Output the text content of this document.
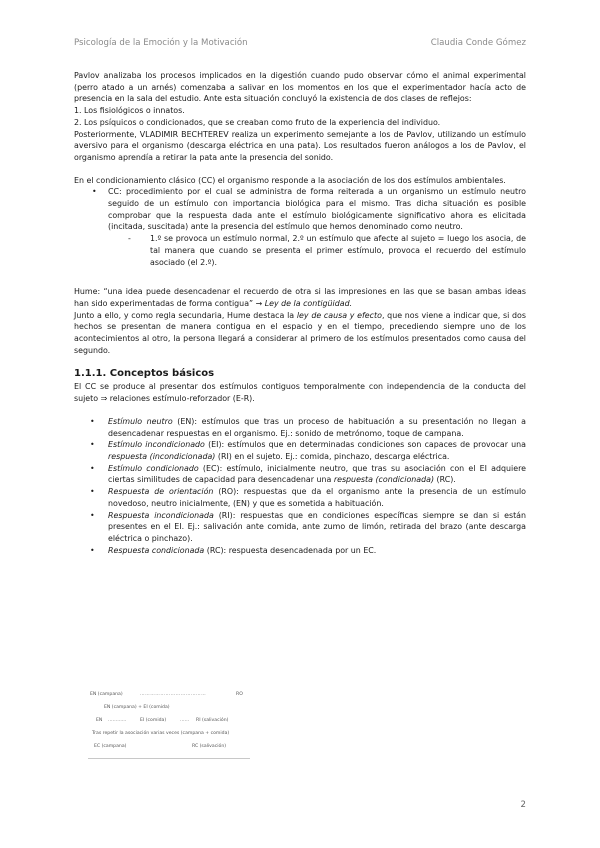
Psicología de la Emoción y la Motivación	Claudia Conde Gómez

Pavlov analizaba los procesos implicados en la digestión cuando pudo observar cómo el animal experimental (perro atado a un arnés) comenzaba a salivar en los momentos en los que el experimentador hacía acto de presencia en la sala del estudio. Ante esta situación concluyó la existencia de dos clases de reflejos:

1. Los fisiológicos o innatos.

2. Los psíquicos o condicionados, que se creaban como fruto de la experiencia del individuo.

Posteriormente, VLADIMIR BECHTEREV realiza un experimento semejante a los de Pavlov, utilizando un estímulo aversivo para el organismo (descarga eléctrica en una pata). Los resultados fueron análogos a los de Pavlov, el organismo aprendía a retirar la pata ante la presencia del sonido.

En el condicionamiento clásico (CC) el organismo responde a la asociación de los dos estímulos ambientales.

• CC: procedimiento por el cual se administra de forma reiterada a un organismo un estímulo neutro seguido de un estímulo con importancia biológica para el mismo. Tras dicha situación es posible comprobar que la respuesta dada ante el estímulo biológicamente significativo ahora es elicitada (incitada, suscitada) ante la presencia del estímulo que hemos denominado como neutro.
- 1.º se provoca un estímulo normal, 2.º un estímulo que afecte al sujeto = luego los asocia, de tal manera que cuando se presenta el primer estímulo, provoca el recuerdo del estímulo asociado (el 2.º).

Hume: “una idea puede desencadenar el recuerdo de otra si las impresiones en las que se basan ambas ideas han sido experimentadas de forma contigua” → Ley de la contigüidad.

Junto a ello, y como regla secundaria, Hume destaca la ley de causa y efecto, que nos viene a indicar que, si dos hechos se presentan de manera contigua en el espacio y en el tiempo, precediendo siempre uno de los acontecimientos al otro, la persona llegará a considerar al primero de los estímulos presentados como causa del segundo.

1.1.1. Conceptos básicos

El CC se produce al presentar dos estímulos contiguos temporalmente con independencia de la conducta del sujeto ⇒ relaciones estímulo-reforzador (E-R).

• Estímulo neutro (EN): estímulos que tras un proceso de habituación a su presentación no llegan a desencadenar respuestas en el organismo. Ej.: sonido de metrónomo, toque de campana.
• Estímulo incondicionado (EI): estímulos que en determinadas condiciones son capaces de provocar una respuesta (incondicionada) (RI) en el sujeto. Ej.: comida, pinchazo, descarga eléctrica.
• Estímulo condicionado (EC): estímulo, inicialmente neutro, que tras su asociación con el EI adquiere ciertas similitudes de capacidad para desencadenar una respuesta (condicionada) (RC).
• Respuesta de orientación (RO): respuestas que da el organismo ante la presencia de un estímulo novedoso, neutro inicialmente, (EN) y que es sometida a habituación.
• Respuesta incondicionada (RI): respuestas que en condiciones específicas siempre se dan si están presentes en el EI. Ej.: salivación ante comida, ante zumo de limón, retirada del brazo (ante descarga eléctrica o pinchazo).
• Respuesta condicionada (RC): respuesta desencadenada por un EC.
EN (campana)	…………………………………	RO
EN (campana) + EI (comida)
EN …………	EI (comida)	…… RI (salivación)
Tras repetir la asociación varias veces (campana + comida)
EC (campana)	RC (salivación)
2
